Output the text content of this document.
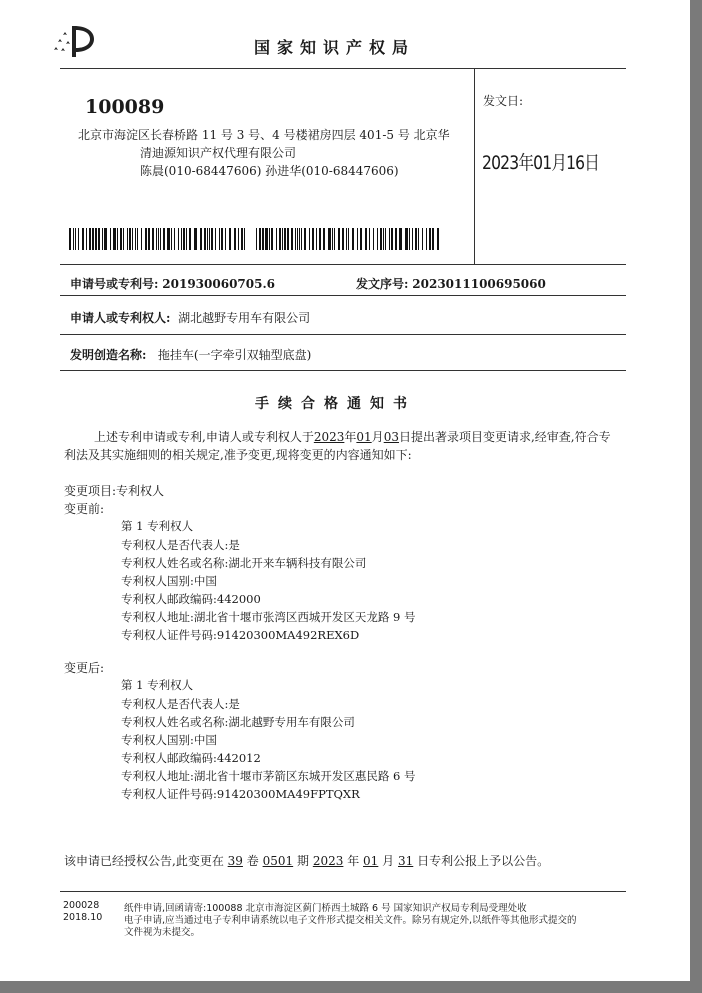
国家知识产权局
100089
北京市海淀区长春桥路 11 号 3 号、4 号楼裙房四层 401-5 号 北京华
清迪源知识产权代理有限公司
陈晨(010-68447606) 孙进华(010-68447606)
发文日:
2023年01月16日
申请号或专利号: 201930060705.6	发文序号: 2023011100695060
申请人或专利权人: 湖北越野专用车有限公司
发明创造名称: 拖挂车(一字牵引双轴型底盘)
手续合格通知书
上述专利申请或专利,申请人或专利权人于2023年01月03日提出著录项目变更请求,经审查,符合专
利法及其实施细则的相关规定,准予变更,现将变更的内容通知如下:
变更项目:专利权人
变更前:
第 1 专利权人
专利权人是否代表人:是
专利权人姓名或名称:湖北开来车辆科技有限公司
专利权人国别:中国
专利权人邮政编码:442000
专利权人地址:湖北省十堰市张湾区西城开发区天龙路 9 号
专利权人证件号码:91420300MA492REX6D
变更后:
第 1 专利权人
专利权人是否代表人:是
专利权人姓名或名称:湖北越野专用车有限公司
专利权人国别:中国
专利权人邮政编码:442012
专利权人地址:湖北省十堰市茅箭区东城开发区惠民路 6 号
专利权人证件号码:91420300MA49FPTQXR
该申请已经授权公告,此变更在 39 卷 0501 期 2023 年 01 月 31 日专利公报上予以公告。
200028
2018.10
纸件申请,回函请寄:100088 北京市海淀区蓟门桥西土城路 6 号 国家知识产权局专利局受理处收
电子申请,应当通过电子专利申请系统以电子文件形式提交相关文件。除另有规定外,以纸件等其他形式提交的
文件视为未提交。
